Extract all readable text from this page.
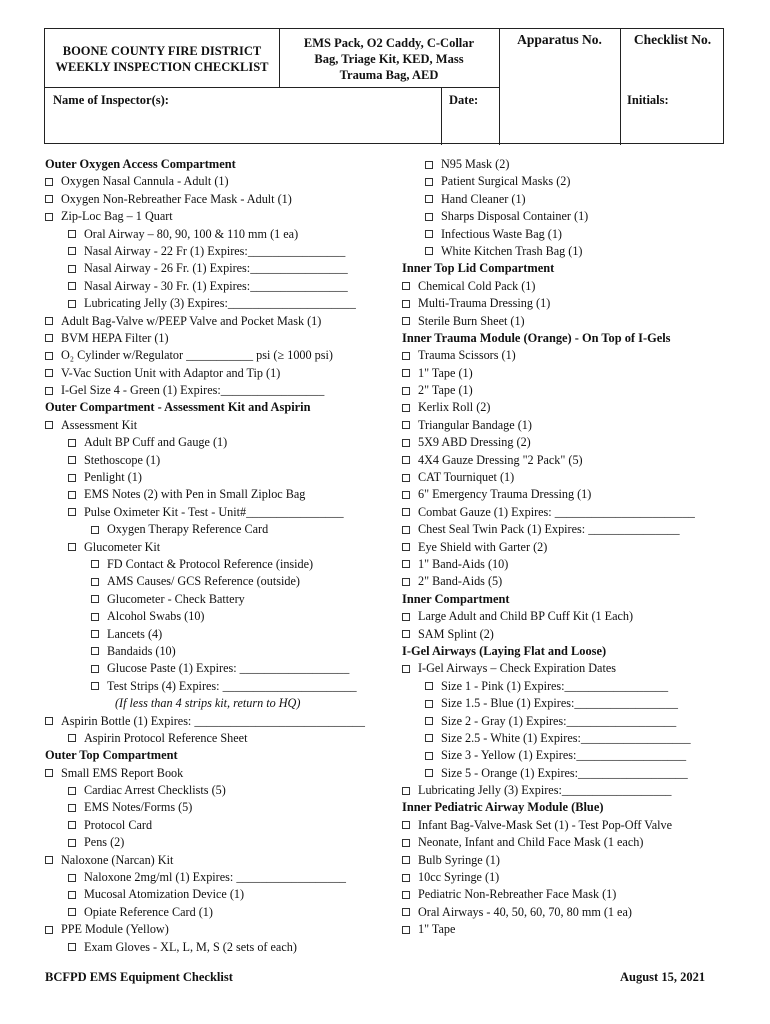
BOONE COUNTY FIRE DISTRICT
WEEKLY INSPECTION CHECKLIST
EMS Pack, O2 Caddy, C-Collar
Bag, Triage Kit, KED, Mass
Trauma Bag, AED
Apparatus No.	Checklist No.
Name of Inspector(s):	Date:	Initials:
Outer Oxygen Access Compartment
Oxygen Nasal Cannula - Adult (1)
Oxygen Non-Rebreather Face Mask - Adult (1)
Zip-Loc Bag – 1 Quart
Oral Airway – 80, 90, 100 & 110 mm (1 ea)
Nasal Airway - 22 Fr (1) Expires:________________
Nasal Airway - 26 Fr. (1) Expires:________________
Nasal Airway - 30 Fr. (1) Expires:________________
Lubricating Jelly (3) Expires:_____________________
Adult Bag-Valve w/PEEP Valve and Pocket Mask (1)
BVM HEPA Filter (1)
O₂ Cylinder w/Regulator ___________ psi (≥ 1000 psi)
V-Vac Suction Unit with Adaptor and Tip (1)
I-Gel Size 4 - Green (1) Expires:_________________
Outer Compartment - Assessment Kit and Aspirin
Assessment Kit
Adult BP Cuff and Gauge (1)
Stethoscope (1)
Penlight (1)
EMS Notes (2) with Pen in Small Ziploc Bag
Pulse Oximeter Kit - Test - Unit#________________
Oxygen Therapy Reference Card
Glucometer Kit
FD Contact & Protocol Reference (inside)
AMS Causes/ GCS Reference (outside)
Glucometer - Check Battery
Alcohol Swabs (10)
Lancets (4)
Bandaids (10)
Glucose Paste (1) Expires: __________________
Test Strips (4) Expires: ______________________
(If less than 4 strips kit, return to HQ)
Aspirin Bottle (1) Expires: ____________________________
Aspirin Protocol Reference Sheet
Outer Top Compartment
Small EMS Report Book
Cardiac Arrest Checklists (5)
EMS Notes/Forms (5)
Protocol Card
Pens (2)
Naloxone (Narcan) Kit
Naloxone 2mg/ml (1) Expires: __________________
Mucosal Atomization Device (1)
Opiate Reference Card (1)
PPE Module (Yellow)
Exam Gloves - XL, L, M, S (2 sets of each)
N95 Mask (2)
Patient Surgical Masks (2)
Hand Cleaner (1)
Sharps Disposal Container (1)
Infectious Waste Bag (1)
White Kitchen Trash Bag (1)
Inner Top Lid Compartment
Chemical Cold Pack (1)
Multi-Trauma Dressing (1)
Sterile Burn Sheet (1)
Inner Trauma Module (Orange) - On Top of I-Gels
Trauma Scissors (1)
1" Tape (1)
2" Tape (1)
Kerlix Roll (2)
Triangular Bandage (1)
5X9 ABD Dressing (2)
4X4 Gauze Dressing "2 Pack" (5)
CAT Tourniquet (1)
6" Emergency Trauma Dressing (1)
Combat Gauze (1) Expires: _______________________
Chest Seal Twin Pack (1) Expires: _______________
Eye Shield with Garter (2)
1" Band-Aids (10)
2" Band-Aids (5)
Inner Compartment
Large Adult and Child BP Cuff Kit (1 Each)
SAM Splint (2)
I-Gel Airways (Laying Flat and Loose)
I-Gel Airways – Check Expiration Dates
Size 1 - Pink (1) Expires:_________________
Size 1.5 - Blue (1) Expires:_________________
Size 2 - Gray (1) Expires:__________________
Size 2.5 - White (1) Expires:__________________
Size 3 - Yellow (1) Expires:__________________
Size 5 - Orange (1) Expires:__________________
Lubricating Jelly (3) Expires:__________________
Inner Pediatric Airway Module (Blue)
Infant Bag-Valve-Mask Set (1) - Test Pop-Off Valve
Neonate, Infant and Child Face Mask (1 each)
Bulb Syringe (1)
10cc Syringe (1)
Pediatric Non-Rebreather Face Mask (1)
Oral Airways - 40, 50, 60, 70, 80 mm (1 ea)
1" Tape
BCFPD EMS Equipment Checklist	August 15, 2021
